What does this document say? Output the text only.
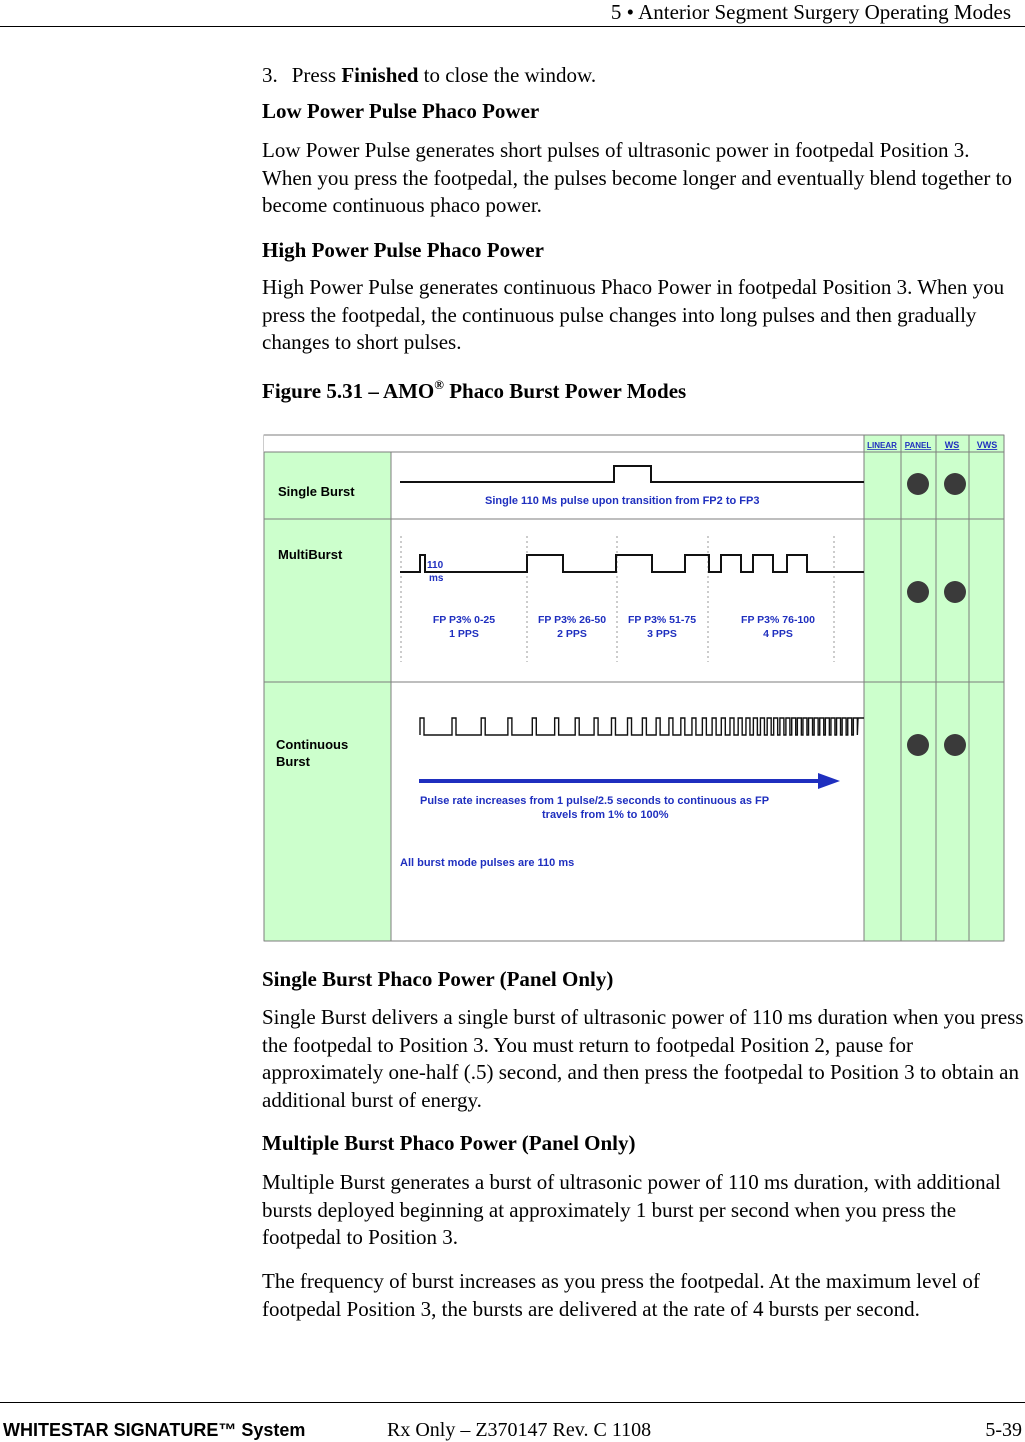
5 • Anterior Segment Surgery Operating Modes
3. Press Finished to close the window.
Low Power Pulse Phaco Power
Low Power Pulse generates short pulses of ultrasonic power in footpedal Position 3. When you press the footpedal, the pulses become longer and eventually blend together to become continuous phaco power.
High Power Pulse Phaco Power
High Power Pulse generates continuous Phaco Power in footpedal Position 3. When you press the footpedal, the continuous pulse changes into long pulses and then gradually changes to short pulses.
Figure 5.31 – AMO® Phaco Burst Power Modes
LINEAR PANEL WS VWS
Single Burst
Single 110 Ms pulse upon transition from FP2 to FP3
MultiBurst
110
ms
FP P3% 0-25
1 PPS
FP P3% 26-50
2 PPS
FP P3% 51-75
3 PPS
FP P3% 76-100
4 PPS
Continuous
Burst
Pulse rate increases from 1 pulse/2.5 seconds to continuous as FP
travels from 1% to 100%
All burst mode pulses are 110 ms
Single Burst Phaco Power (Panel Only)
Single Burst delivers a single burst of ultrasonic power of 110 ms duration when you press the footpedal to Position 3. You must return to footpedal Position 2, pause for approximately one-half (.5) second, and then press the footpedal to Position 3 to obtain an additional burst of energy.
Multiple Burst Phaco Power (Panel Only)
Multiple Burst generates a burst of ultrasonic power of 110 ms duration, with additional bursts deployed beginning at approximately 1 burst per second when you press the footpedal to Position 3.
The frequency of burst increases as you press the footpedal. At the maximum level of footpedal Position 3, the bursts are delivered at the rate of 4 bursts per second.
WHITESTAR SIGNATURE™ System	Rx Only – Z370147 Rev. C 1108	5-39
